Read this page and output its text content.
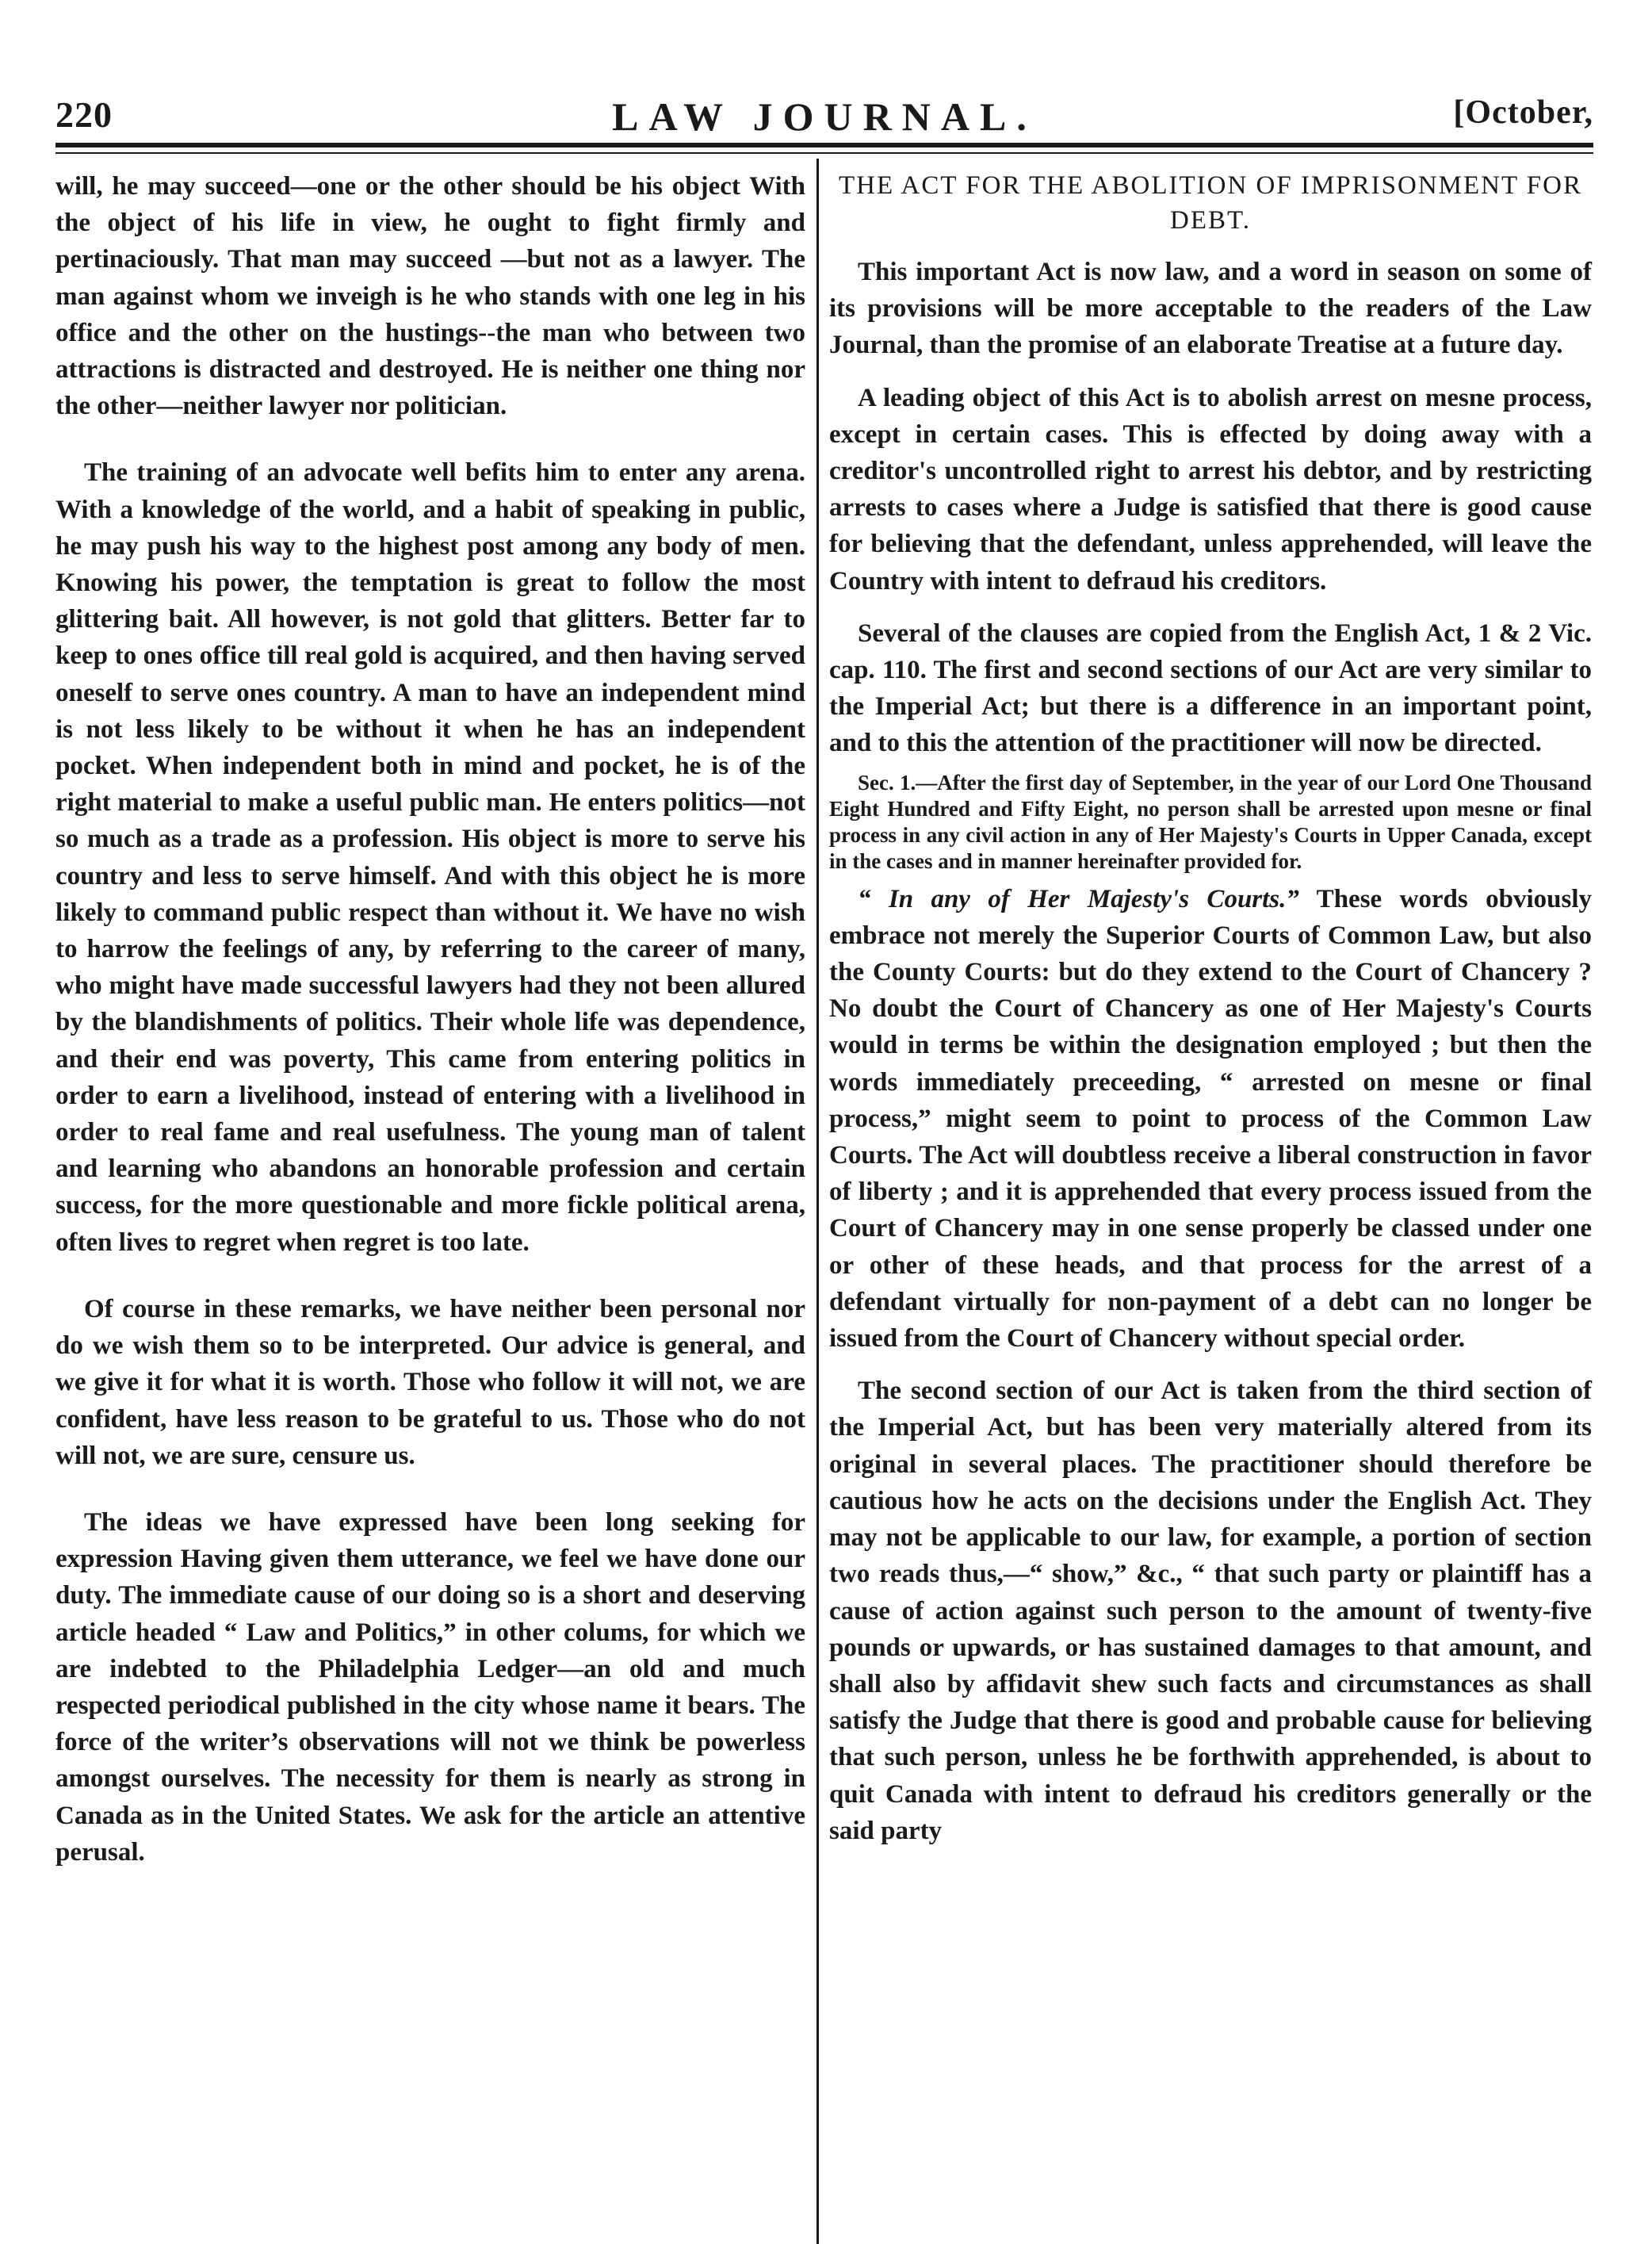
220	LAW JOURNAL.	[October,

will, he may succeed—one or the other should be his object With the object of his life in view, he ought to fight firmly and pertinaciously. That man may succeed —but not as a lawyer. The man against whom we inveigh is he who stands with one leg in his office and the other on the hustings--the man who between two attractions is distracted and destroyed. He is neither one thing nor the other—neither lawyer nor politician.

The training of an advocate well befits him to enter any arena. With a knowledge of the world, and a habit of speaking in public, he may push his way to the highest post among any body of men. Knowing his power, the temptation is great to follow the most glittering bait. All however, is not gold that glitters. Better far to keep to ones office till real gold is acquired, and then having served oneself to serve ones country. A man to have an independent mind is not less likely to be without it when he has an independent pocket. When independent both in mind and pocket, he is of the right material to make a useful public man. He enters politics—not so much as a trade as a profession. His object is more to serve his country and less to serve himself. And with this object he is more likely to command public respect than without it. We have no wish to harrow the feelings of any, by referring to the career of many, who might have made successful lawyers had they not been allured by the blandishments of politics. Their whole life was dependence, and their end was poverty, This came from entering politics in order to earn a livelihood, instead of entering with a livelihood in order to real fame and real usefulness. The young man of talent and learning who abandons an honorable profession and certain success, for the more questionable and more fickle political arena, often lives to regret when regret is too late.

Of course in these remarks, we have neither been personal nor do we wish them so to be interpreted. Our advice is general, and we give it for what it is worth. Those who follow it will not, we are confident, have less reason to be grateful to us. Those who do not will not, we are sure, censure us.

The ideas we have expressed have been long seeking for expression Having given them utterance, we feel we have done our duty. The immediate cause of our doing so is a short and deserving article headed “ Law and Politics,” in other colums, for which we are indebted to the Philadelphia Ledger—an old and much respected periodical published in the city whose name it bears. The force of the writer’s observations will not we think be powerless amongst ourselves. The necessity for them is nearly as strong in Canada as in the United States. We ask for the article an attentive perusal.

THE ACT FOR THE ABOLITION OF IMPRISONMENT FOR DEBT.

This important Act is now law, and a word in season on some of its provisions will be more acceptable to the readers of the Law Journal, than the promise of an elaborate Treatise at a future day.

A leading object of this Act is to abolish arrest on mesne process, except in certain cases. This is effected by doing away with a creditor's uncontrolled right to arrest his debtor, and by restricting arrests to cases where a Judge is satisfied that there is good cause for believing that the defendant, unless apprehended, will leave the Country with intent to defraud his creditors.

Several of the clauses are copied from the English Act, 1 & 2 Vic. cap. 110. The first and second sections of our Act are very similar to the Imperial Act; but there is a difference in an important point, and to this the attention of the practitioner will now be directed.

Sec. 1.—After the first day of September, in the year of our Lord One Thousand Eight Hundred and Fifty Eight, no person shall be arrested upon mesne or final process in any civil action in any of Her Majesty's Courts in Upper Canada, except in the cases and in manner hereinafter provided for.

“ In any of Her Majesty's Courts.” These words obviously embrace not merely the Superior Courts of Common Law, but also the County Courts: but do they extend to the Court of Chancery ? No doubt the Court of Chancery as one of Her Majesty's Courts would in terms be within the designation employed ; but then the words immediately preceeding, “ arrested on mesne or final process,” might seem to point to process of the Common Law Courts. The Act will doubtless receive a liberal construction in favor of liberty ; and it is apprehended that every process issued from the Court of Chancery may in one sense properly be classed under one or other of these heads, and that process for the arrest of a defendant virtually for non-payment of a debt can no longer be issued from the Court of Chancery without special order.

The second section of our Act is taken from the third section of the Imperial Act, but has been very materially altered from its original in several places. The practitioner should therefore be cautious how he acts on the decisions under the English Act. They may not be applicable to our law, for example, a portion of section two reads thus,—“ show,” &c., “ that such party or plaintiff has a cause of action against such person to the amount of twenty-five pounds or upwards, or has sustained damages to that amount, and shall also by affidavit shew such facts and circumstances as shall satisfy the Judge that there is good and probable cause for believing that such person, unless he be forthwith apprehended, is about to quit Canada with intent to defraud his creditors generally or the said party
